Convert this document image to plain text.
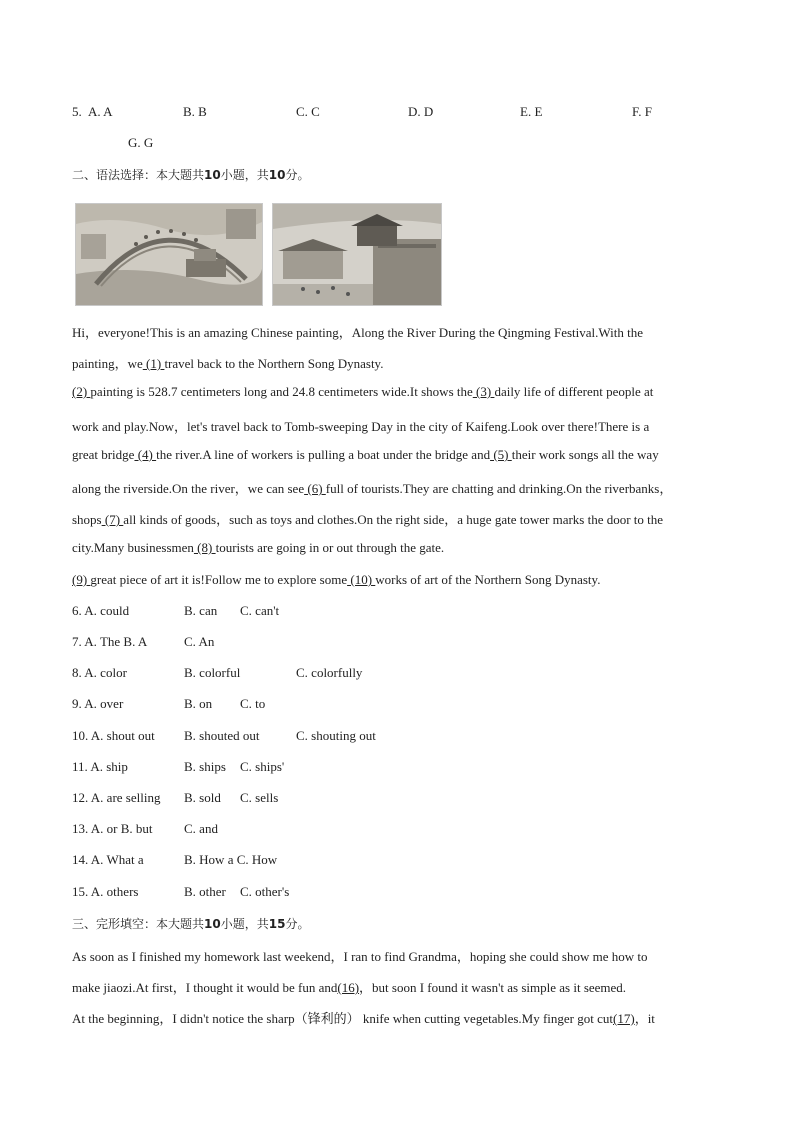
5. A. A	B. B	C. C	D. D	E. E	F. F
G. G
二、语法选择：本大题共10小题，共10分。
Hi，everyone!This is an amazing Chinese painting，Along the River During the Qingming Festival.With the
painting，we (1) travel back to the Northern Song Dynasty.
(2) painting is 528.7 centimeters long and 24.8 centimeters wide.It shows the (3) daily life of different people at
work and play.Now，let's travel back to Tomb-sweeping Day in the city of Kaifeng.Look over there!There is a
great bridge (4) the river.A line of workers is pulling a boat under the bridge and (5) their work songs all the way
along the riverside.On the river，we can see (6) full of tourists.They are chatting and drinking.On the riverbanks，
shops (7) all kinds of goods，such as toys and clothes.On the right side，a huge gate tower marks the door to the
city.Many businessmen (8) tourists are going in or out through the gate.
(9) great piece of art it is!Follow me to explore some (10) works of art of the Northern Song Dynasty.
6. A. could	B. can C. can't
7. A. The B. A	C. An
8. A. color	B. colorful	C. colorfully
9. A. over	B. on C. to
10. A. shout out B. shouted out	C. shouting out
11. A. ship	B. ships C. ships'
12. A. are selling B. sold C. sells
13. A. or B. but C. and
14. A. What a	B. How a C. How
15. A. others	B. other C. other's
三、完形填空：本大题共10小题，共15分。
As soon as I finished my homework last weekend，I ran to find Grandma，hoping she could show me how to
make jiaozi.At first，I thought it would be fun and(16)，but soon I found it wasn't as simple as it seemed.
At the beginning，I didn't notice the sharp（锋利的） knife when cutting vegetables.My finger got cut(17)，it
